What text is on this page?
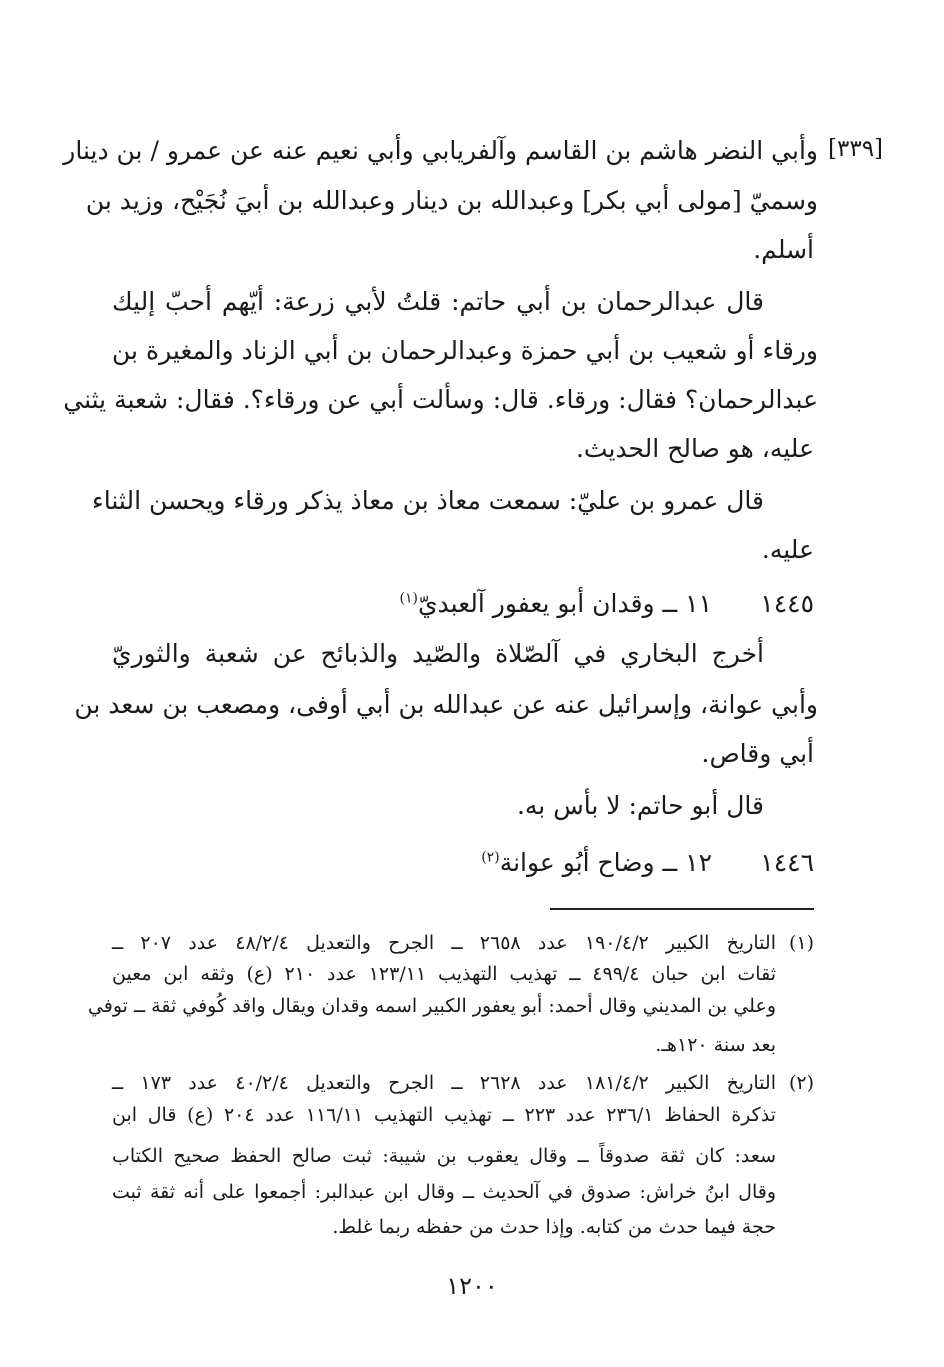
[٣٣٩]
وأبي النضر هاشم بن القاسم وآلفريابي وأبي نعيم عنه عن عمرو / بن دينار
وسميّ [مولى أبي بكر] وعبدالله بن دينار وعبدالله بن أبيَ نُجَيْح، وزيد بن
أسلم.
قال عبدالرحمان بن أبي حاتم: قلتُ لأبي زرعة: أيّهم أحبّ إليك
ورقاء أو شعيب بن أبي حمزة وعبدالرحمان بن أبي الزناد والمغيرة بن
عبدالرحمان؟ فقال: ورقاء. قال: وسألت أبي عن ورقاء؟. فقال: شعبة يثني
عليه، هو صالح الحديث.
قال عمرو بن عليّ: سمعت معاذ بن معاذ يذكر ورقاء ويحسن الثناء
عليه.
١٤٤٥
١١ ــ وقدان أبو يعفور آلعبديّ$^{(١)}$
أخرج البخاري في آلصّلاة والصّيد والذبائح عن شعبة والثوريّ
وأبي عوانة، وإسرائيل عنه عن عبدالله بن أبي أوفى، ومصعب بن سعد بن
أبي وقاص.
قال أبو حاتم: لا بأس به.
١٤٤٦
١٢ ــ وضاح أبُو عوانة$^{(٢)}$
(١)
التاريخ الكبير ١٩٠/٤/٢ عدد ٢٦٥٨ ــ الجرح والتعديل ٤٨/٢/٤ عدد ٢٠٧ ــ
ثقات ابن حبان ٤٩٩/٤ ــ تهذيب التهذيب ١٢٣/١١ عدد ٢١٠ (ع) وثقه ابن معين
وعلي بن المديني وقال أحمد: أبو يعفور الكبير اسمه وقدان ويقال واقد كُوفي ثقة ــ توفي
بعد سنة ١٢٠هـ.
(٢)
التاريخ الكبير ١٨١/٤/٢ عدد ٢٦٢٨ ــ الجرح والتعديل ٤٠/٢/٤ عدد ١٧٣ ــ
تذكرة الحفاظ ٢٣٦/١ عدد ٢٢٣ ــ تهذيب التهذيب ١١٦/١١ عدد ٢٠٤ (ع) قال ابن
سعد: كان ثقة صدوقاً ــ وقال يعقوب بن شيبة: ثبت صالح الحفظ صحيح الكتاب
وقال ابنُ خراش: صدوق في آلحديث ــ وقال ابن عبدالبر: أجمعوا على أنه ثقة ثبت
حجة فيما حدث من كتابه. وإذا حدث من حفظه ربما غلط.
١٢٠٠
